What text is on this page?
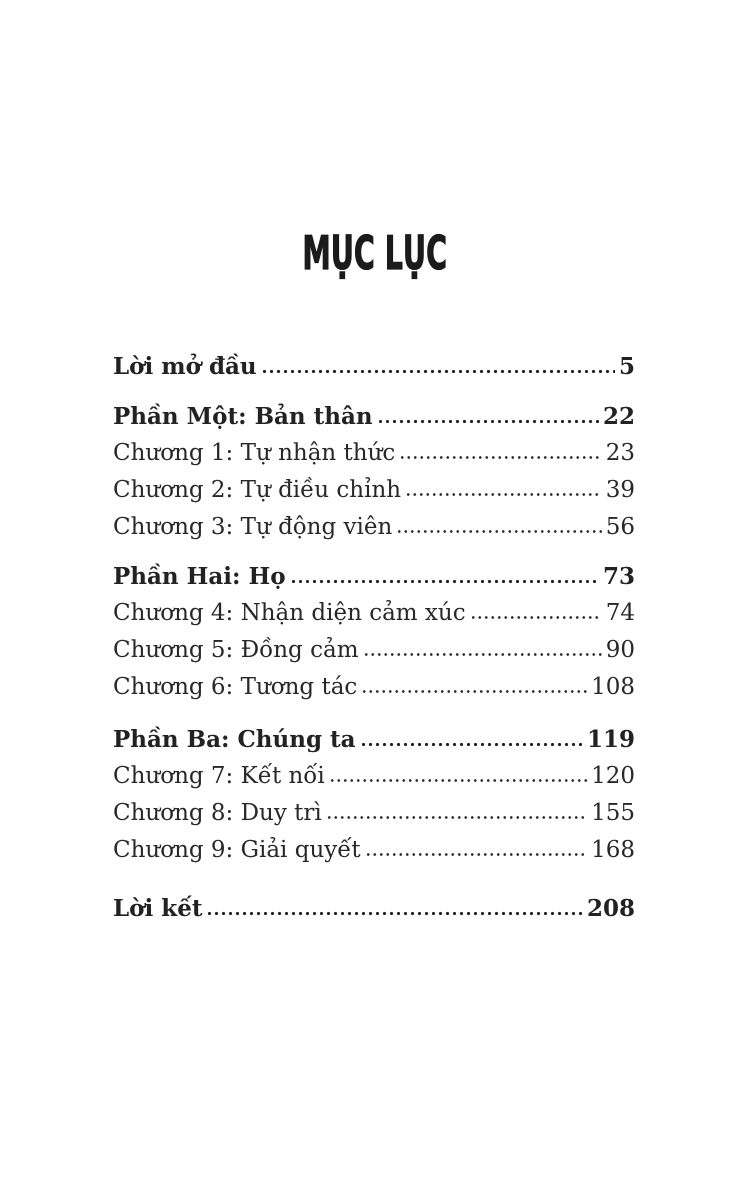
MỤC LỤC
Lời mở đầu	5
Phần Một: Bản thân	22
Chương 1: Tự nhận thức	23
Chương 2: Tự điều chỉnh	39
Chương 3: Tự động viên	56
Phần Hai: Họ	73
Chương 4: Nhận diện cảm xúc	74
Chương 5: Đồng cảm	90
Chương 6: Tương tác	108
Phần Ba: Chúng ta	119
Chương 7: Kết nối	120
Chương 8: Duy trì	155
Chương 9: Giải quyết	168
Lời kết	208
